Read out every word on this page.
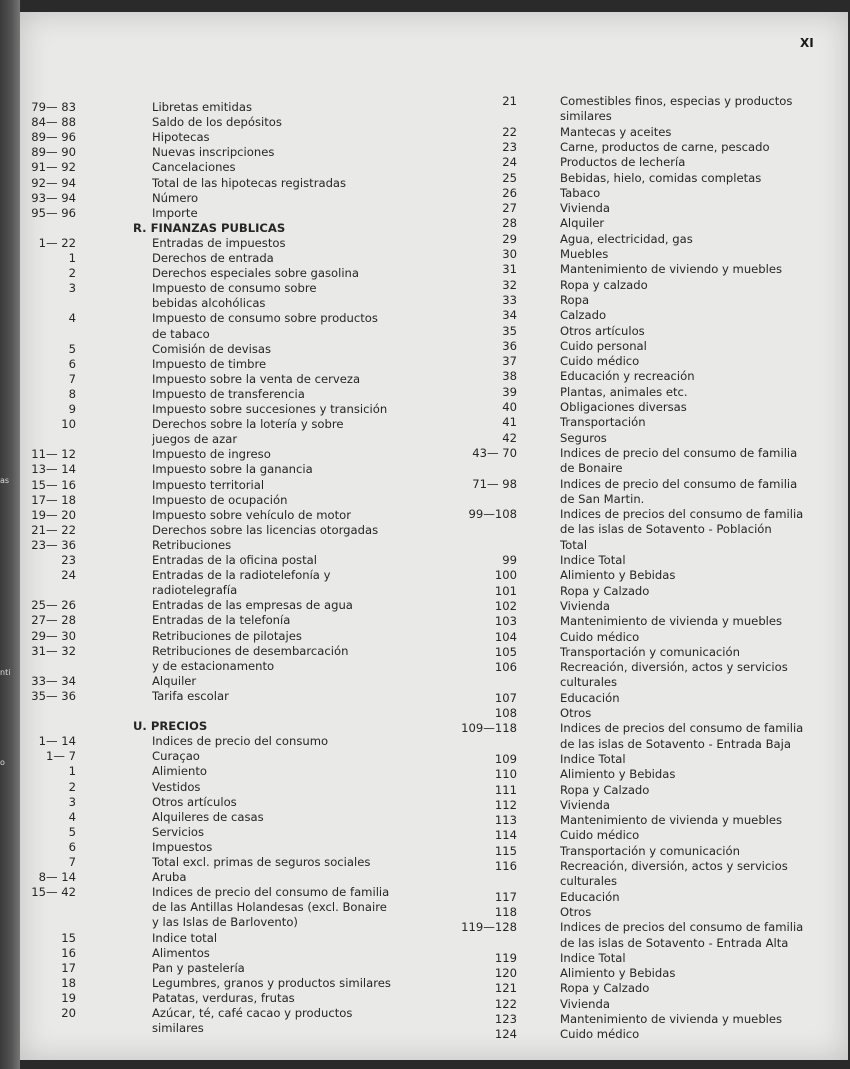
XI
79— 83	Libretas emitidas
84— 88	Saldo de los depósitos
89— 96	Hipotecas
89— 90	Nuevas inscripciones
91— 92	Cancelaciones
92— 94	Total de las hipotecas registradas
93— 94	Número
95— 96	Importe
R. FINANZAS PUBLICAS
1— 22	Entradas de impuestos
1	Derechos de entrada
2	Derechos especiales sobre gasolina
3	Impuesto de consumo sobre
bebidas alcohólicas
4	Impuesto de consumo sobre productos
de tabaco
5	Comisión de devisas
6	Impuesto de timbre
7	Impuesto sobre la venta de cerveza
8	Impuesto de transferencia
9	Impuesto sobre succesiones y transición
10	Derechos sobre la lotería y sobre
juegos de azar
11— 12	Impuesto de ingreso
13— 14	Impuesto sobre la ganancia
15— 16	Impuesto territorial
17— 18	Impuesto de ocupación
19— 20	Impuesto sobre vehículo de motor
21— 22	Derechos sobre las licencias otorgadas
23— 36	Retribuciones
23	Entradas de la oficina postal
24	Entradas de la radiotelefonía y
radiotelegrafía
25— 26	Entradas de las empresas de agua
27— 28	Entradas de la telefonía
29— 30	Retribuciones de pilotajes
31— 32	Retribuciones de desembarcación
y de estacionamento
33— 34	Alquiler
35— 36	Tarifa escolar
U. PRECIOS
1— 14	Indices de precio del consumo
1— 7	Curaçao
1	Alimiento
2	Vestidos
3	Otros artículos
4	Alquileres de casas
5	Servicios
6	Impuestos
7	Total excl. primas de seguros sociales
8— 14	Aruba
15— 42	Indices de precio del consumo de familia
de las Antillas Holandesas (excl. Bonaire
y las Islas de Barlovento)
15	Indice total
16	Alimentos
17	Pan y pastelería
18	Legumbres, granos y productos similares
19	Patatas, verduras, frutas
20	Azúcar, té, café cacao y productos
similares
21	Comestibles finos, especias y productos
similares
22	Mantecas y aceites
23	Carne, productos de carne, pescado
24	Productos de lechería
25	Bebidas, hielo, comidas completas
26	Tabaco
27	Vivienda
28	Alquiler
29	Agua, electricidad, gas
30	Muebles
31	Mantenimiento de viviendo y muebles
32	Ropa y calzado
33	Ropa
34	Calzado
35	Otros artículos
36	Cuido personal
37	Cuido médico
38	Educación y recreación
39	Plantas, animales etc.
40	Obligaciones diversas
41	Transportación
42	Seguros
43— 70	Indices de precio del consumo de familia
de Bonaire
71— 98	Indices de precio del consumo de familia
de San Martin.
99—108	Indices de precios del consumo de familia
de las islas de Sotavento - Población
Total
99	Indice Total
100	Alimiento y Bebidas
101	Ropa y Calzado
102	Vivienda
103	Mantenimiento de vivienda y muebles
104	Cuido médico
105	Transportación y comunicación
106	Recreación, diversión, actos y servicios
culturales
107	Educación
108	Otros
109—118	Indices de precios del consumo de familia
de las islas de Sotavento - Entrada Baja
109	Indice Total
110	Alimiento y Bebidas
111	Ropa y Calzado
112	Vivienda
113	Mantenimiento de vivienda y muebles
114	Cuido médico
115	Transportación y comunicación
116	Recreación, diversión, actos y servicios
culturales
117	Educación
118	Otros
119—128	Indices de precios del consumo de familia
de las islas de Sotavento - Entrada Alta
119	Indice Total
120	Alimiento y Bebidas
121	Ropa y Calzado
122	Vivienda
123	Mantenimiento de vivienda y muebles
124	Cuido médico
as
nti
o
